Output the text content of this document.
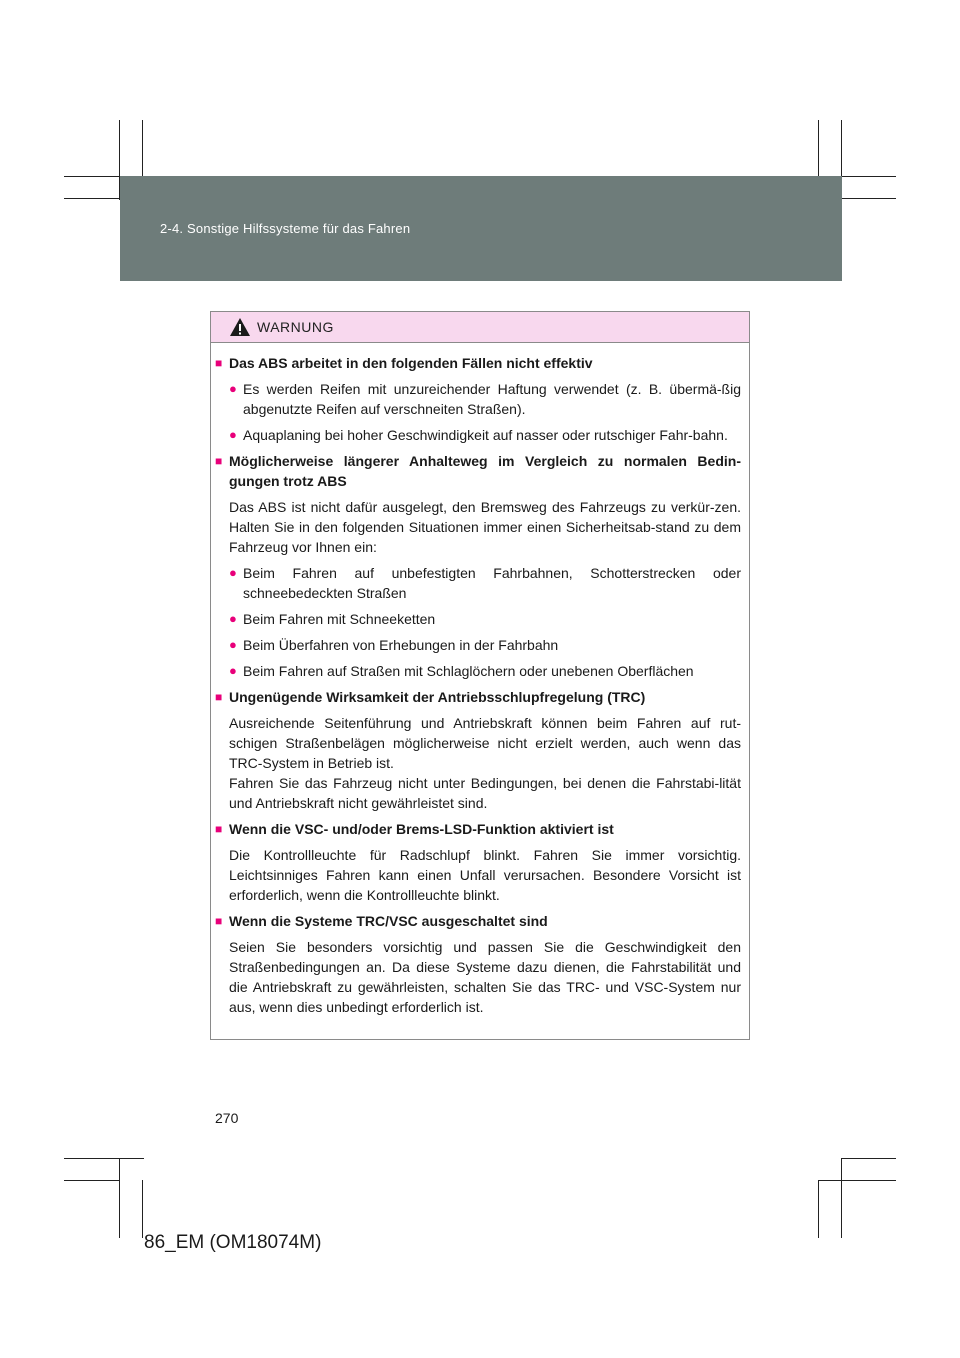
2-4. Sonstige Hilfssysteme für das Fahren
WARNUNG
■ Das ABS arbeitet in den folgenden Fällen nicht effektiv
● Es werden Reifen mit unzureichender Haftung verwendet (z. B. übermä-ßig abgenutzte Reifen auf verschneiten Straßen).
● Aquaplaning bei hoher Geschwindigkeit auf nasser oder rutschiger Fahr-bahn.
■ Möglicherweise längerer Anhalteweg im Vergleich zu normalen Bedin-gungen trotz ABS
Das ABS ist nicht dafür ausgelegt, den Bremsweg des Fahrzeugs zu verkür-zen. Halten Sie in den folgenden Situationen immer einen Sicherheitsab-stand zu dem Fahrzeug vor Ihnen ein:
● Beim Fahren auf unbefestigten Fahrbahnen, Schotterstrecken oder schneebedeckten Straßen
● Beim Fahren mit Schneeketten
● Beim Überfahren von Erhebungen in der Fahrbahn
● Beim Fahren auf Straßen mit Schlaglöchern oder unebenen Oberflächen
■ Ungenügende Wirksamkeit der Antriebsschlupfregelung (TRC)
Ausreichende Seitenführung und Antriebskraft können beim Fahren auf rut-schigen Straßenbelägen möglicherweise nicht erzielt werden, auch wenn das TRC-System in Betrieb ist.
Fahren Sie das Fahrzeug nicht unter Bedingungen, bei denen die Fahrstabi-lität und Antriebskraft nicht gewährleistet sind.
■ Wenn die VSC- und/oder Brems-LSD-Funktion aktiviert ist
Die Kontrollleuchte für Radschlupf blinkt. Fahren Sie immer vorsichtig. Leichtsinniges Fahren kann einen Unfall verursachen. Besondere Vorsicht ist erforderlich, wenn die Kontrollleuchte blinkt.
■ Wenn die Systeme TRC/VSC ausgeschaltet sind
Seien Sie besonders vorsichtig und passen Sie die Geschwindigkeit den Straßenbedingungen an. Da diese Systeme dazu dienen, die Fahrstabilität und die Antriebskraft zu gewährleisten, schalten Sie das TRC- und VSC-System nur aus, wenn dies unbedingt erforderlich ist.
270
86_EM (OM18074M)
